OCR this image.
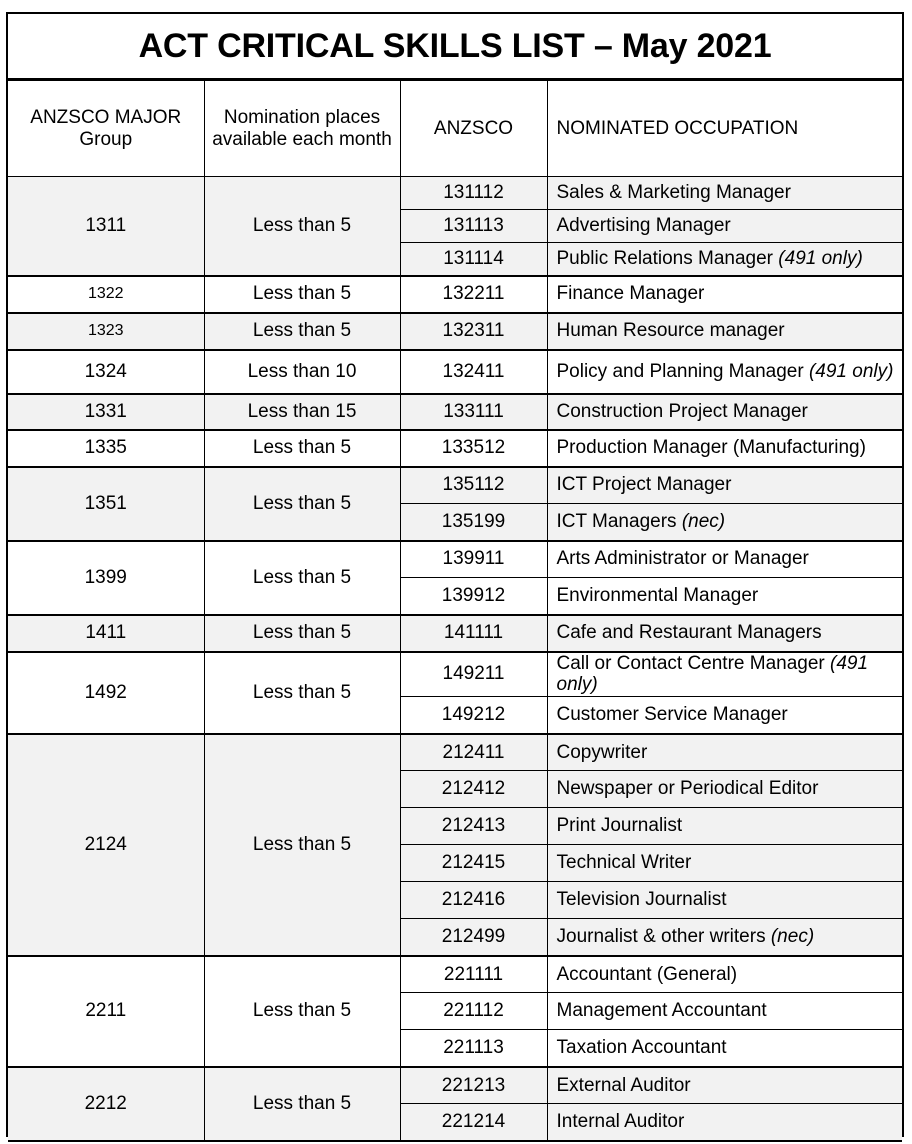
ACT CRITICAL SKILLS LIST – May 2021
ANZSCO MAJOR Group	Nomination places available each month	ANZSCO	NOMINATED OCCUPATION
1311	Less than 5	131112	Sales & Marketing Manager
		131113	Advertising Manager
		131114	Public Relations Manager (491 only)
1322	Less than 5	132211	Finance Manager
1323	Less than 5	132311	Human Resource manager
1324	Less than 10	132411	Policy and Planning Manager (491 only)
1331	Less than 15	133111	Construction Project Manager
1335	Less than 5	133512	Production Manager (Manufacturing)
1351	Less than 5	135112	ICT Project Manager
		135199	ICT Managers (nec)
1399	Less than 5	139911	Arts Administrator or Manager
		139912	Environmental Manager
1411	Less than 5	141111	Cafe and Restaurant Managers
1492	Less than 5	149211	Call or Contact Centre Manager (491 only)
		149212	Customer Service Manager
2124	Less than 5	212411	Copywriter
		212412	Newspaper or Periodical Editor
		212413	Print Journalist
		212415	Technical Writer
		212416	Television Journalist
		212499	Journalist & other writers (nec)
2211	Less than 5	221111	Accountant (General)
		221112	Management Accountant
		221113	Taxation Accountant
2212	Less than 5	221213	External Auditor
		221214	Internal Auditor
